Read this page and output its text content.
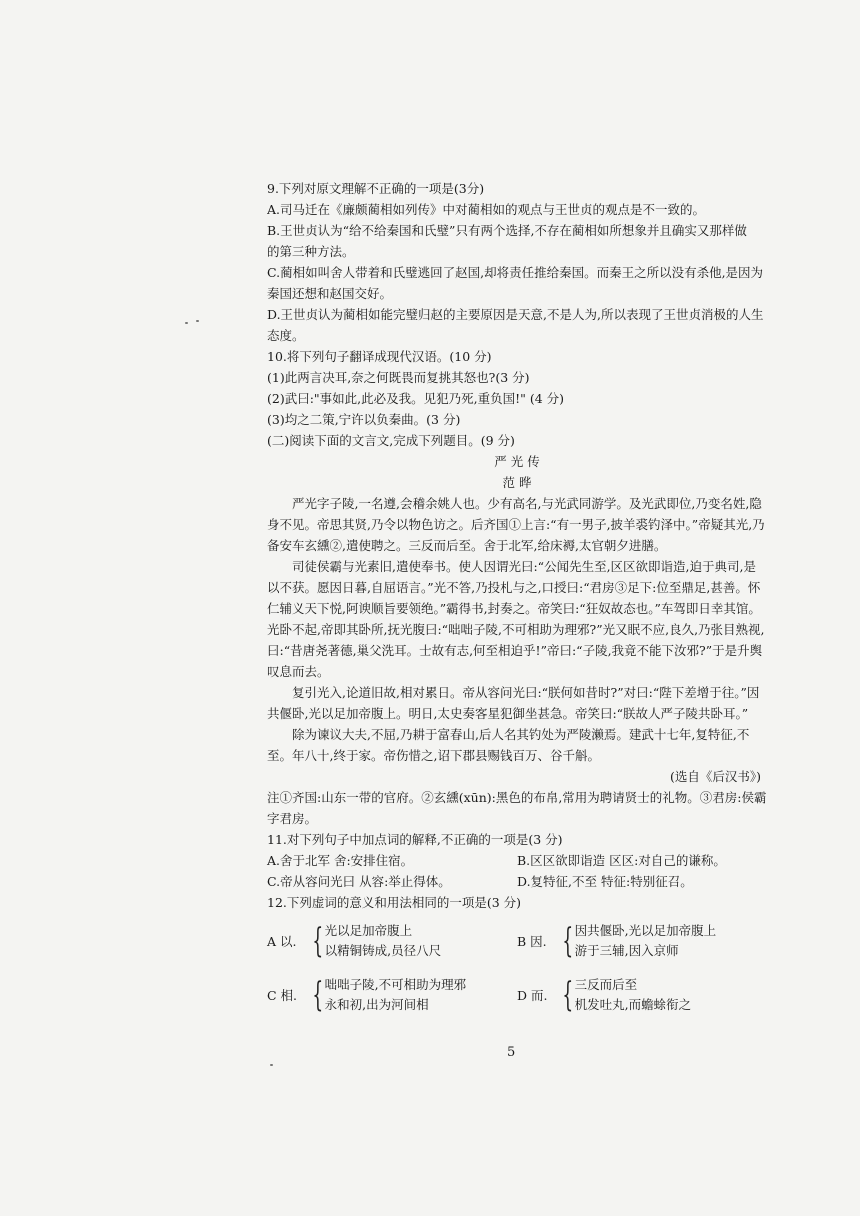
9.下列对原文理解不正确的一项是(3分)
A.司马迁在《廉颇蔺相如列传》中对蔺相如的观点与王世贞的观点是不一致的。
B.王世贞认为“给不给秦国和氏璧”只有两个选择,不存在蔺相如所想象并且确实又那样做
的第三种方法。
C.蔺相如叫舍人带着和氏璧逃回了赵国,却将责任推给秦国。而秦王之所以没有杀他,是因为
秦国还想和赵国交好。
D.王世贞认为蔺相如能完璧归赵的主要原因是天意,不是人为,所以表现了王世贞消极的人生
态度。
10.将下列句子翻译成现代汉语。(10 分)
(1)此两言决耳,奈之何既畏而复挑其怒也?(3 分)
(2)武曰:"事如此,此必及我。见犯乃死,重负国!" (4 分)
(3)均之二策,宁许以负秦曲。(3 分)
(二)阅读下面的文言文,完成下列题目。(9 分)
严 光 传
范 晔
严光字子陵,一名遵,会稽余姚人也。少有高名,与光武同游学。及光武即位,乃变名姓,隐身不见。帝思其贤,乃令以物色访之。后齐国①上言:“有一男子,披羊裘钓泽中。”帝疑其光,乃备安车玄纁②,遣使聘之。三反而后至。舍于北军,给床褥,太官朝夕进膳。
司徒侯霸与光素旧,遣使奉书。使人因谓光曰:“公闻先生至,区区欲即诣造,迫于典司,是以不获。愿因日暮,自屈语言。”光不答,乃投札与之,口授曰:“君房③足下:位至鼎足,甚善。怀仁辅义天下悦,阿谀顺旨要领绝。”霸得书,封奏之。帝笑曰:“狂奴故态也。”车驾即日幸其馆。光卧不起,帝即其卧所,抚光腹曰:“咄咄子陵,不可相助为理邪?”光又眠不应,良久,乃张目熟视,曰:“昔唐尧著德,巢父洗耳。士故有志,何至相迫乎!”帝曰:“子陵,我竟不能下汝邪?”于是升舆叹息而去。
复引光入,论道旧故,相对累日。帝从容问光曰:“朕何如昔时?”对曰:“陛下差增于往。”因共偃卧,光以足加帝腹上。明日,太史奏客星犯御坐甚急。帝笑曰:“朕故人严子陵共卧耳。”
除为谏议大夫,不屈,乃耕于富春山,后人名其钓处为严陵濑焉。建武十七年,复特征,不至。年八十,终于家。帝伤惜之,诏下郡县赐钱百万、谷千斛。
(选自《后汉书》)
注①齐国:山东一带的官府。②玄纁(xūn):黑色的布帛,常用为聘请贤士的礼物。③君房:侯霸
字君房。
11.对下列句子中加点词的解释,不正确的一项是(3 分)
A.舍于北军 舍:安排住宿。	B.区区欲即诣造 区区:对自己的谦称。
C.帝从容问光曰 从容:举止得体。	D.复特征,不至 特征:特别征召。
12.下列虚词的意义和用法相同的一项是(3 分)
A 以. { 光以足加帝腹上
以精铜铸成,员径八尺
B 因. { 因共偃卧,光以足加帝腹上
游于三辅,因入京师
C 相. { 咄咄子陵,不可相助为理邪
永和初,出为河间相
D 而. { 三反而后至
机发吐丸,而蟾蜍衔之
5
